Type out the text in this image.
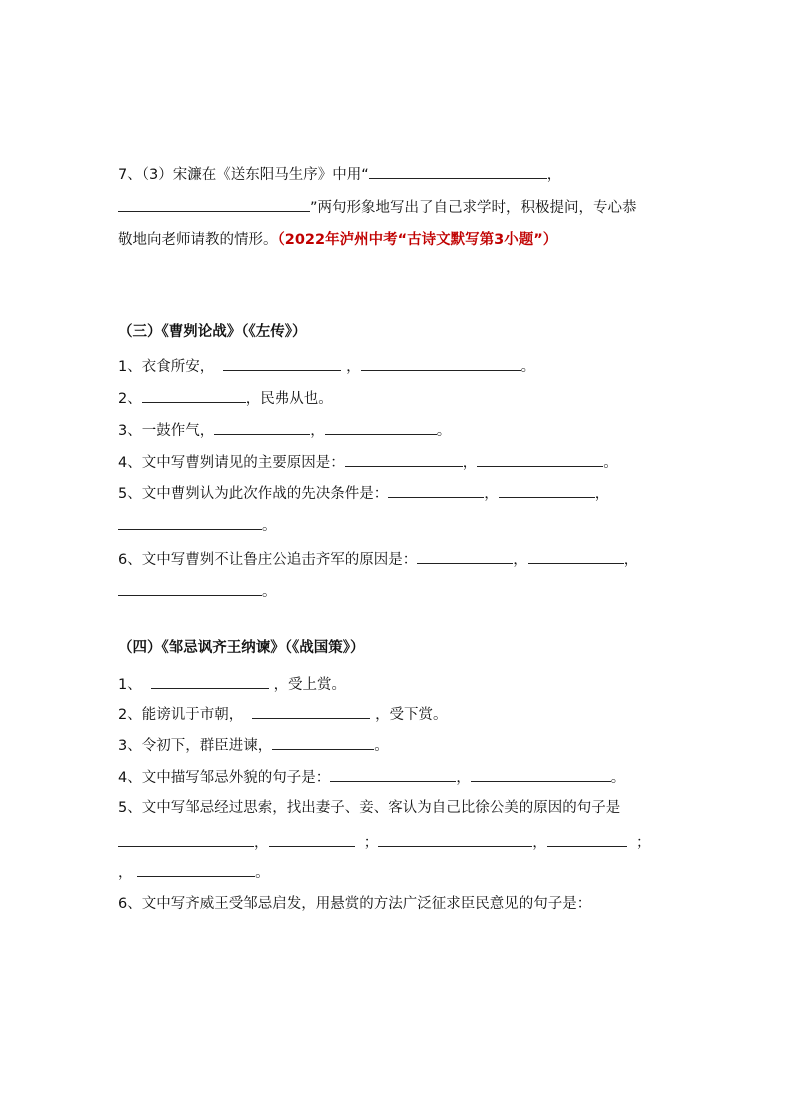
7、（3）宋濂在《送东阳马生序》中用“	，
”两句形象地写出了自己求学时，积极提问，专心恭
敬地向老师请教的情形。（2022年泸州中考“古诗文默写第3小题”）
（三）《曹刿论战》（《左传》）
1、衣食所安，	，	。
2、	，民弗从也。
3、一鼓作气，	，	。
4、文中写曹刿请见的主要原因是：	，	。
5、文中曹刿认为此次作战的先决条件是：	，	，
。
6、文中写曹刿不让鲁庄公追击齐军的原因是：	，	，
。
（四）《邹忌讽齐王纳谏》（《战国策》）
1、	，受上赏。
2、能谤讥于市朝，	，受下赏。
3、令初下，群臣进谏，	。
4、文中描写邹忌外貌的句子是：	，	。
5、文中写邹忌经过思索，找出妻子、妾、客认为自己比徐公美的原因的句子是
，	；	，	；
，	。
6、文中写齐威王受邹忌启发，用悬赏的方法广泛征求臣民意见的句子是：
